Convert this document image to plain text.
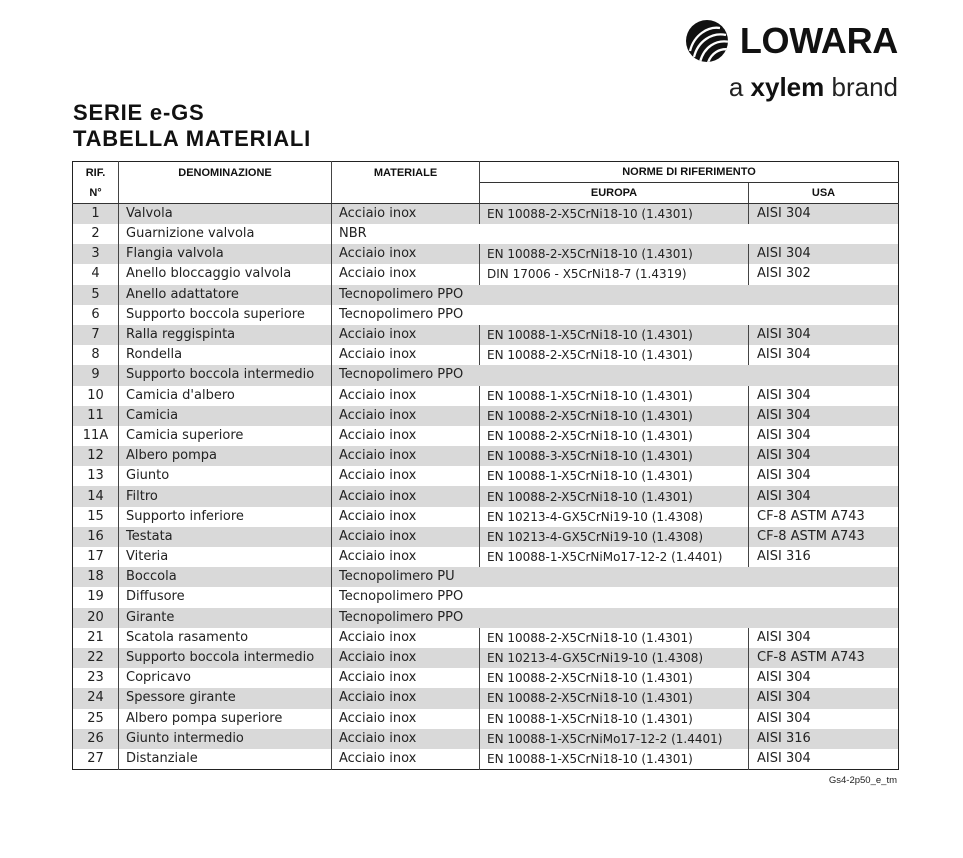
LOWARA
a xylem brand
SERIE e-GS
TABELLA MATERIALI
RIF.
N°	DENOMINAZIONE	MATERIALE	NORME DI RIFERIMENTO	
			EUROPA	USA
1	Valvola	Acciaio inox	EN 10088-2-X5CrNi18-10 (1.4301)	AISI 304
2	Guarnizione valvola	NBR		
3	Flangia valvola	Acciaio inox	EN 10088-2-X5CrNi18-10 (1.4301)	AISI 304
4	Anello bloccaggio valvola	Acciaio inox	DIN 17006 - X5CrNi18-7 (1.4319)	AISI 302
5	Anello adattatore	Tecnopolimero PPO		
6	Supporto boccola superiore	Tecnopolimero PPO		
7	Ralla reggispinta	Acciaio inox	EN 10088-1-X5CrNi18-10 (1.4301)	AISI 304
8	Rondella	Acciaio inox	EN 10088-2-X5CrNi18-10 (1.4301)	AISI 304
9	Supporto boccola intermedio	Tecnopolimero PPO		
10	Camicia d'albero	Acciaio inox	EN 10088-1-X5CrNi18-10 (1.4301)	AISI 304
11	Camicia	Acciaio inox	EN 10088-2-X5CrNi18-10 (1.4301)	AISI 304
11A	Camicia superiore	Acciaio inox	EN 10088-2-X5CrNi18-10 (1.4301)	AISI 304
12	Albero pompa	Acciaio inox	EN 10088-3-X5CrNi18-10 (1.4301)	AISI 304
13	Giunto	Acciaio inox	EN 10088-1-X5CrNi18-10 (1.4301)	AISI 304
14	Filtro	Acciaio inox	EN 10088-2-X5CrNi18-10 (1.4301)	AISI 304
15	Supporto inferiore	Acciaio inox	EN 10213-4-GX5CrNi19-10 (1.4308)	CF-8 ASTM A743
16	Testata	Acciaio inox	EN 10213-4-GX5CrNi19-10 (1.4308)	CF-8 ASTM A743
17	Viteria	Acciaio inox	EN 10088-1-X5CrNiMo17-12-2 (1.4401)	AISI 316
18	Boccola	Tecnopolimero PU		
19	Diffusore	Tecnopolimero PPO		
20	Girante	Tecnopolimero PPO		
21	Scatola rasamento	Acciaio inox	EN 10088-2-X5CrNi18-10 (1.4301)	AISI 304
22	Supporto boccola intermedio	Acciaio inox	EN 10213-4-GX5CrNi19-10 (1.4308)	CF-8 ASTM A743
23	Copricavo	Acciaio inox	EN 10088-2-X5CrNi18-10 (1.4301)	AISI 304
24	Spessore girante	Acciaio inox	EN 10088-2-X5CrNi18-10 (1.4301)	AISI 304
25	Albero pompa superiore	Acciaio inox	EN 10088-1-X5CrNi18-10 (1.4301)	AISI 304
26	Giunto intermedio	Acciaio inox	EN 10088-1-X5CrNiMo17-12-2 (1.4401)	AISI 316
27	Distanziale	Acciaio inox	EN 10088-1-X5CrNi18-10 (1.4301)	AISI 304
Gs4-2p50_e_tm
